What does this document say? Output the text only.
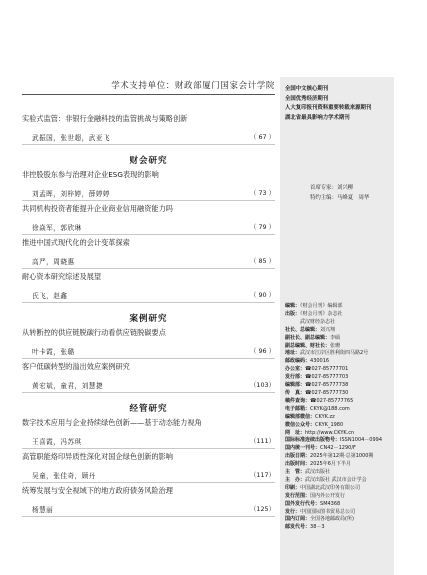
学术支持单位：财政部厦门国家会计学院
实验式监管：非银行金融科技的监管挑战与策略创新
武振国，张世超，武亚飞	（ 67 ）
财会研究
非控股股东参与治理对企业ESG表现的影响
刘孟晖，刘梓婷，薛婷婷	（ 73 ）
共同机构投资者能提升企业商业信用融资能力吗
徐焱军，郭欣琳	（ 79 ）
推进中国式现代化的会计变革探索
高严，周晓惠	（ 85 ）
耐心资本研究综述及展望
氏飞，赵鑫	（ 90 ）
案例研究
从转断控的供应链脱碳行动看供应链脱碳要点
叶卡霞，张璐	（ 96 ）
客户低碳转型的溢出效应案例研究
黄宏斌，童君，刘慧捷	（103）
经管研究
数字技术应用与企业持续绿色创新——基于动态能力视角
王喜霞，冯苏琪	（111）
高管职能烙印异质性深化对国企绿色创新的影响
吴童，张佳奇，顾丹	（117）
统筹发展与安全视域下的地方政府债务风险治理
杨慧丽	（125）
全国中文核心期刊
全国优秀经济期刊
人大复印报刊资料重要转载来源期刊
湖北省最具影响力学术期刊
首席专家：刘兴柳
特约主编：马峰夏　周华
编辑：《财会月刊》编辑部
出版：《财会月刊》杂志社
　　　武汉财经杂志社
社长、总编辑：刘兴翔
副社长、副总编辑：李硕
副总编辑、财社长：张珊
地址：武汉市江岸区胜利街四马路2号
邮政编码：430016
办公室：☎027-85777701
发行部：☎027-85777703
编辑部：☎027-85777738
传　真：☎027-85777730
稿件查询：☎027-85777765
电子邮箱：CKYK@188.com
编辑部微信：CKYK.zz
微信公众号：CKYK_1980
网　址：http://www.CKYK.cn
国际标准连续出版物号：ISSN1004－0994
国内统一刊号：CN42－1290/F
出版日期：2025年第12期·总第1000期
出版时间：2025年6月下半月
主　管：武汉出版社
主　办：武汉出版社 武汉市会计学会
印刷：中国湖北武汉印务有限公司
发行范围：国内外公开发行
国外发行代号：SM4368
发行：中国国际图书贸易总公司
国内订阅：全国各地邮政局(所)
邮发代号：38－3
